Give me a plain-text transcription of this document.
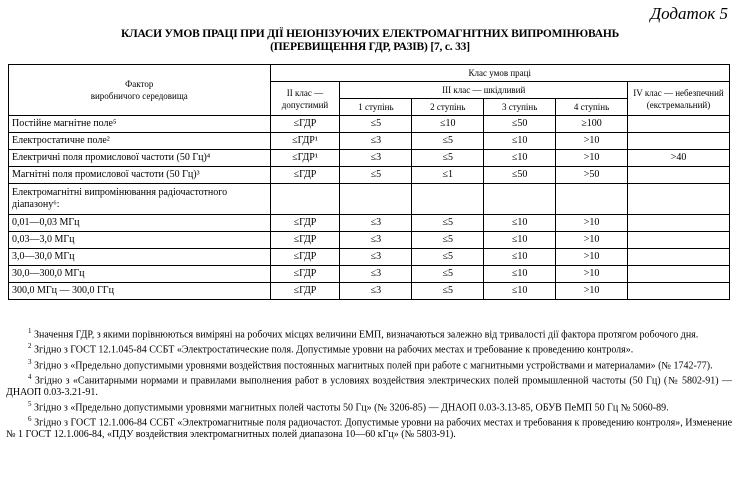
Додаток 5
КЛАСИ УМОВ ПРАЦІ ПРИ ДІЇ НЕІОНІЗУЮЧИХ ЕЛЕКТРОМАГНІТНИХ ВИПРОМІНЮВАНЬ
(ПЕРЕВИЩЕННЯ ГДР, РАЗІВ) [7, с. 33]
Фактор
виробничого середовища	Клас умов праці					
	ІІ клас — допустимий	ІІІ клас — шкідливий				IV клас — небезпечний (екстремальний)
		1 ступінь	2 ступінь	3 ступінь	4 ступінь	
Постійне магнітне поле⁵	≤ГДР	≤5	≤10	≤50	≥100	
Електростатичне поле²	≤ГДР¹	≤3	≤5	≤10	>10	
Електричні поля промислової частоти (50 Гц)⁴	≤ГДР¹	≤3	≤5	≤10	>10	>40
Магнітні поля промислової частоти (50 Гц)³	≤ГДР	≤5	≤1	≤50	>50	
Електромагнітні випромінювання радіочастотного діапазону⁶:						
0,01—0,03 МГц	≤ГДР	≤3	≤5	≤10	>10	
0,03—3,0 МГц	≤ГДР	≤3	≤5	≤10	>10	
3,0—30,0 МГц	≤ГДР	≤3	≤5	≤10	>10	
30,0—300,0 МГц	≤ГДР	≤3	≤5	≤10	>10	
300,0 МГц — 300,0 ГГц	≤ГДР	≤3	≤5	≤10	>10	

$^1$ Значення ГДР, з якими порівнюються виміряні на робочих місцях величини ЕМП, визначаються залежно від тривалості дії фактора протягом робочого дня.

$^2$ Згідно з ГОСТ 12.1.045-84 ССБТ «Электростатические поля. Допустимые уровни на рабочих местах и требование к проведению контроля».

$^3$ Згідно з «Предельно допустимыми уровнями воздействия постоянных магнитных полей при работе с магнитными устройствами и материалами» (№ 1742-77).

$^4$ Згідно з «Санитарными нормами и правилами выполнения работ в условиях воздействия электрических полей промышленной частоты (50 Гц) (№ 5802-91) — ДНАОП 0.03-3.21-91.

$^5$ Згідно з «Предельно допустимыми уровнями магнитных полей частоты 50 Гц» (№ 3206-85) — ДНАОП 0.03-3.13-85, ОБУВ ПеМП 50 Гц № 5060-89.

$^6$ Згідно з ГОСТ 12.1.006-84 ССБТ «Электромагнитные поля радиочастот. Допустимые уровни на рабочих местах и требования к проведению контроля», Изменение № 1 ГОСТ 12.1.006-84, «ПДУ воздействия электромагнитных полей диапазона 10—60 кГц» (№ 5803-91).
